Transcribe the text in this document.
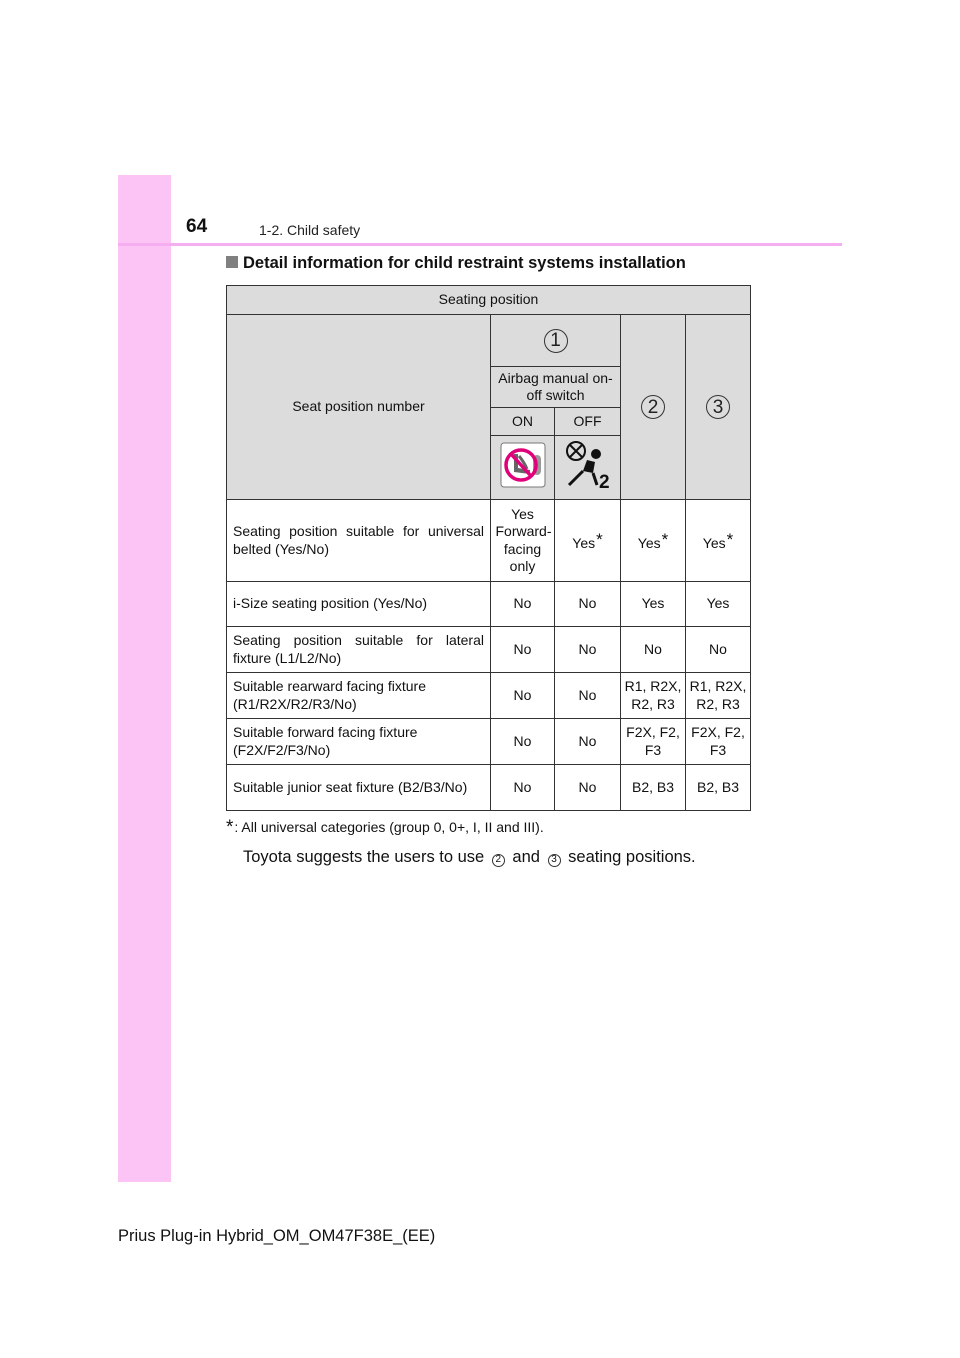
64	1-2. Child safety
Detail information for child restraint systems installation
Seating position				
Seat position number	1		2	3
	Airbag manual on-off switch			
	ON	OFF		

2		

Seating position suitable for universal belted (Yes/No)	Yes Forward-facing only	Yes*	Yes*	Yes*
i-Size seating position (Yes/No)	No	No	Yes	Yes
Seating position suitable for lateral fixture (L1/L2/No)	No	No	No	No
Suitable rearward facing fixture (R1/R2X/R2/R3/No)	No	No	R1, R2X, R2, R3	R1, R2X, R2, R3
Suitable forward facing fixture (F2X/F2/F3/No)	No	No	F2X, F2, F3	F2X, F2, F3
Suitable junior seat fixture (B2/B3/No)	No	No	B2, B3	B2, B3
*: All universal categories (group 0, 0+, I, II and III).
Toyota suggests the users to use 2 and 3 seating positions.
Prius Plug-in Hybrid_OM_OM47F38E_(EE)
